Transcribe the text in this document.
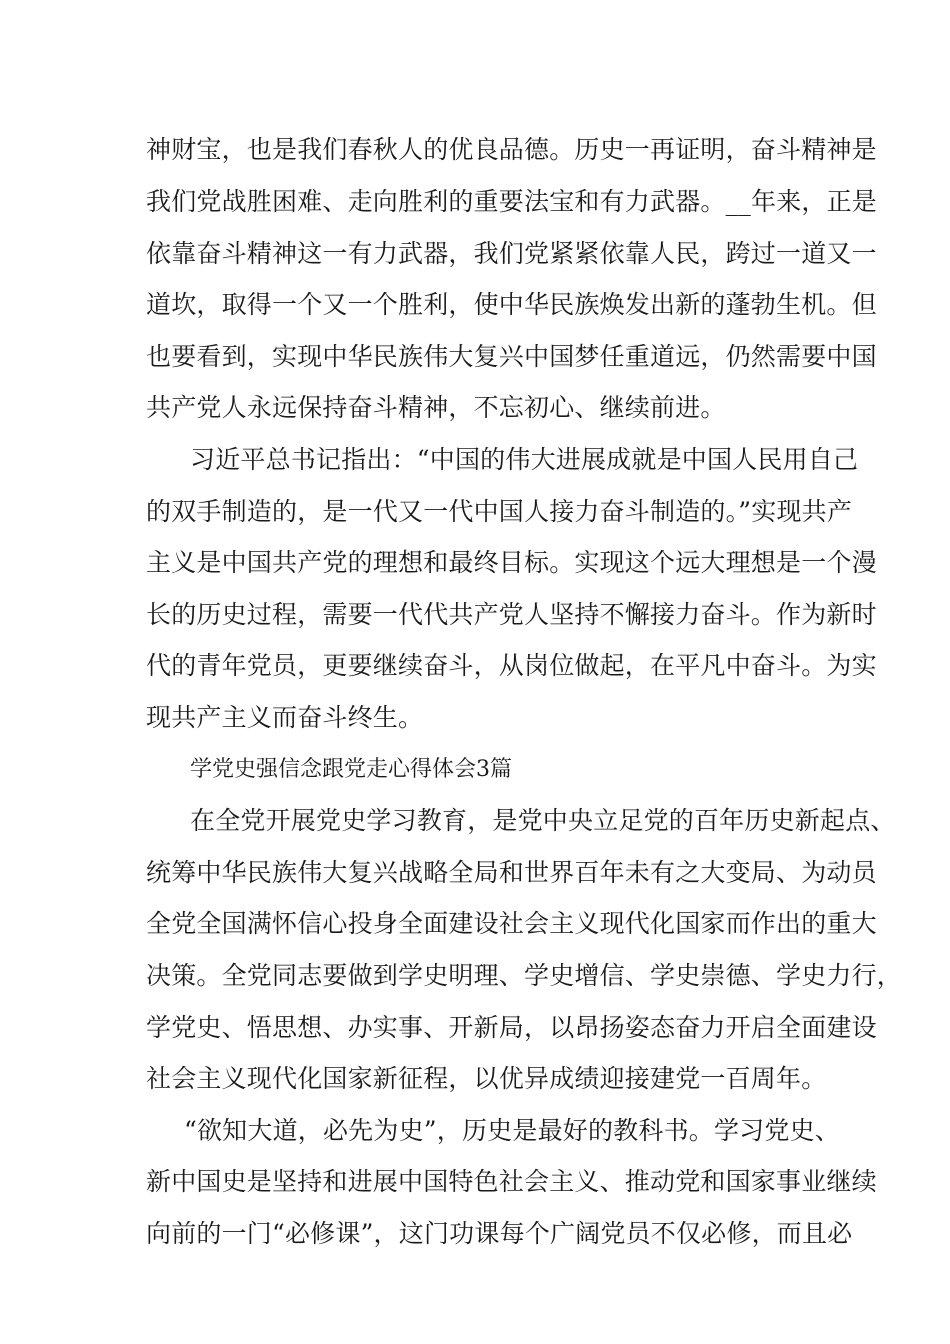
神财宝，也是我们春秋人的优良品德。历史一再证明，奋斗精神是
我们党战胜困难、走向胜利的重要法宝和有力武器。__年来，正是
依靠奋斗精神这一有力武器，我们党紧紧依靠人民，跨过一道又一
道坎，取得一个又一个胜利，使中华民族焕发出新的蓬勃生机。但
也要看到，实现中华民族伟大复兴中国梦任重道远，仍然需要中国
共产党人永远保持奋斗精神，不忘初心、继续前进。
习近平总书记指出：“中国的伟大进展成就是中国人民用自己
的双手制造的，是一代又一代中国人接力奋斗制造的。”实现共产
主义是中国共产党的理想和最终目标。实现这个远大理想是一个漫
长的历史过程，需要一代代共产党人坚持不懈接力奋斗。作为新时
代的青年党员，更要继续奋斗，从岗位做起，在平凡中奋斗。为实
现共产主义而奋斗终生。
学党史强信念跟党走心得体会3篇
在全党开展党史学习教育，是党中央立足党的百年历史新起点、
统筹中华民族伟大复兴战略全局和世界百年未有之大变局、为动员
全党全国满怀信心投身全面建设社会主义现代化国家而作出的重大
决策。全党同志要做到学史明理、学史增信、学史崇德、学史力行，
学党史、悟思想、办实事、开新局，以昂扬姿态奋力开启全面建设
社会主义现代化国家新征程，以优异成绩迎接建党一百周年。
“欲知大道，必先为史”，历史是最好的教科书。学习党史、
新中国史是坚持和进展中国特色社会主义、推动党和国家事业继续
向前的一门“必修课”，这门功课每个广阔党员不仅必修，而且必
